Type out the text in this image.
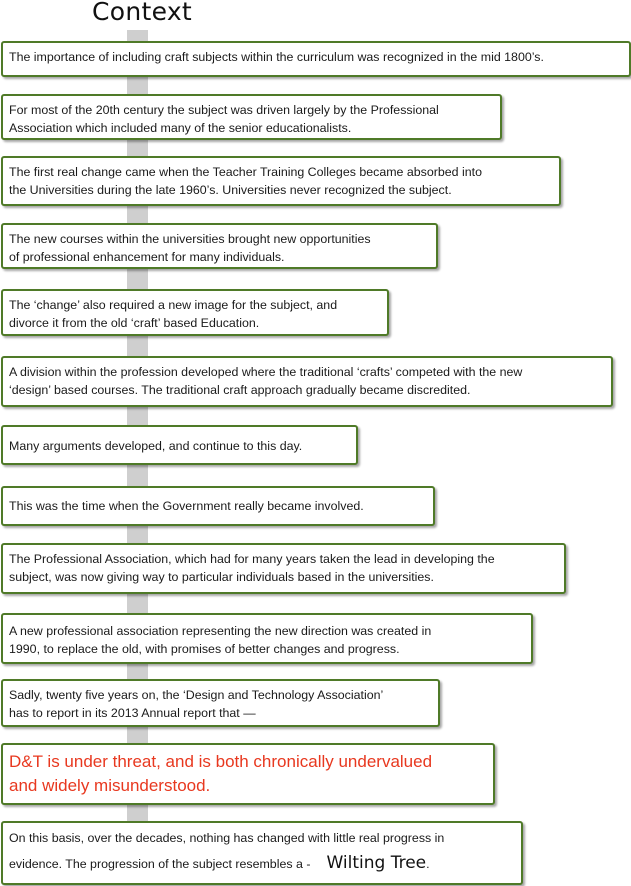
Context
The importance of including craft subjects within the curriculum was recognized in the mid 1800’s.
For most of the 20th century the subject was driven largely by the Professional
Association which included many of the senior educationalists.
The first real change came when the Teacher Training Colleges became absorbed into
the Universities during the late 1960’s. Universities never recognized the subject.
The new courses within the universities brought new opportunities
of professional enhancement for many individuals.
The ‘change’ also required a new image for the subject, and
divorce it from the old ‘craft’ based Education.
A division within the profession developed where the traditional ‘crafts’ competed with the new
‘design’ based courses. The traditional craft approach gradually became discredited.
Many arguments developed, and continue to this day.
This was the time when the Government really became involved.
The Professional Association, which had for many years taken the lead in developing the
subject, was now giving way to particular individuals based in the universities.
A new professional association representing the new direction was created in
1990, to replace the old, with promises of better changes and progress.
Sadly, twenty five years on, the ‘Design and Technology Association’
has to report in its 2013 Annual report that —
D&T is under threat, and is both chronically undervalued
and widely misunderstood.
On this basis, over the decades, nothing has changed with little real progress in
evidence. The progression of the subject resembles a - Wilting Tree.
